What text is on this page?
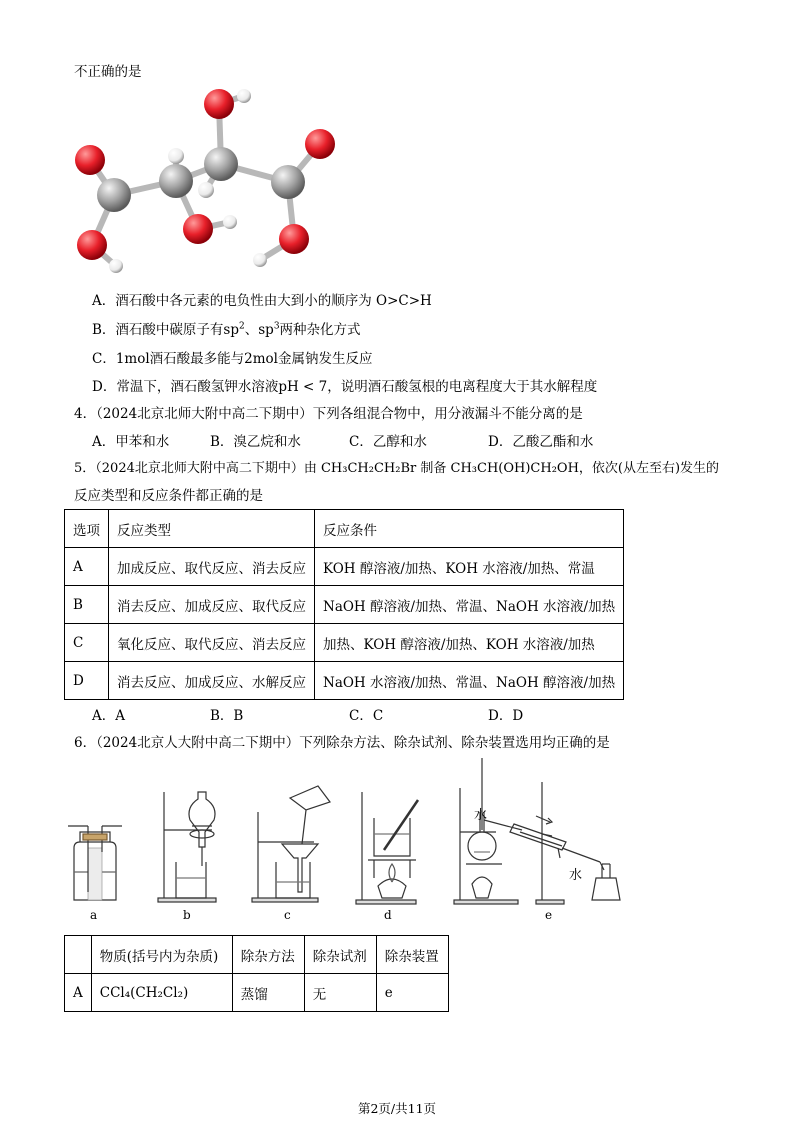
不正确的是
A．酒石酸中各元素的电负性由大到小的顺序为 O>C>H
B．酒石酸中碳原子有$sp^2$、$sp^3$两种杂化方式
C．1mol酒石酸最多能与2mol金属钠发生反应
D．常温下，酒石酸氢钾水溶液pH < 7，说明酒石酸氢根的电离程度大于其水解程度
4．（2024北京北师大附中高二下期中）下列各组混合物中，用分液漏斗不能分离的是
A．甲苯和水	B．溴乙烷和水	C．乙醇和水	D．乙酸乙酯和水
5．（2024北京北师大附中高二下期中）由 CH₃CH₂CH₂Br 制备 CH₃CH(OH)CH₂OH，依次(从左至右)发生的
反应类型和反应条件都正确的是
选项	反应类型	反应条件
A	加成反应、取代反应、消去反应	KOH 醇溶液/加热、KOH 水溶液/加热、常温
B	消去反应、加成反应、取代反应	NaOH 醇溶液/加热、常温、NaOH 水溶液/加热
C	氧化反应、取代反应、消去反应	加热、KOH 醇溶液/加热、KOH 水溶液/加热
D	消去反应、加成反应、水解反应	NaOH 水溶液/加热、常温、NaOH 醇溶液/加热
A．A	B．B	C．C	D．D
6．（2024北京人大附中高二下期中）下列除杂方法、除杂试剂、除杂装置选用均正确的是
水
水
a	b	c	d	e
	物质(括号内为杂质)	除杂方法	除杂试剂	除杂装置
A	CCl₄(CH₂Cl₂)	蒸馏	无	e
第2页/共11页
